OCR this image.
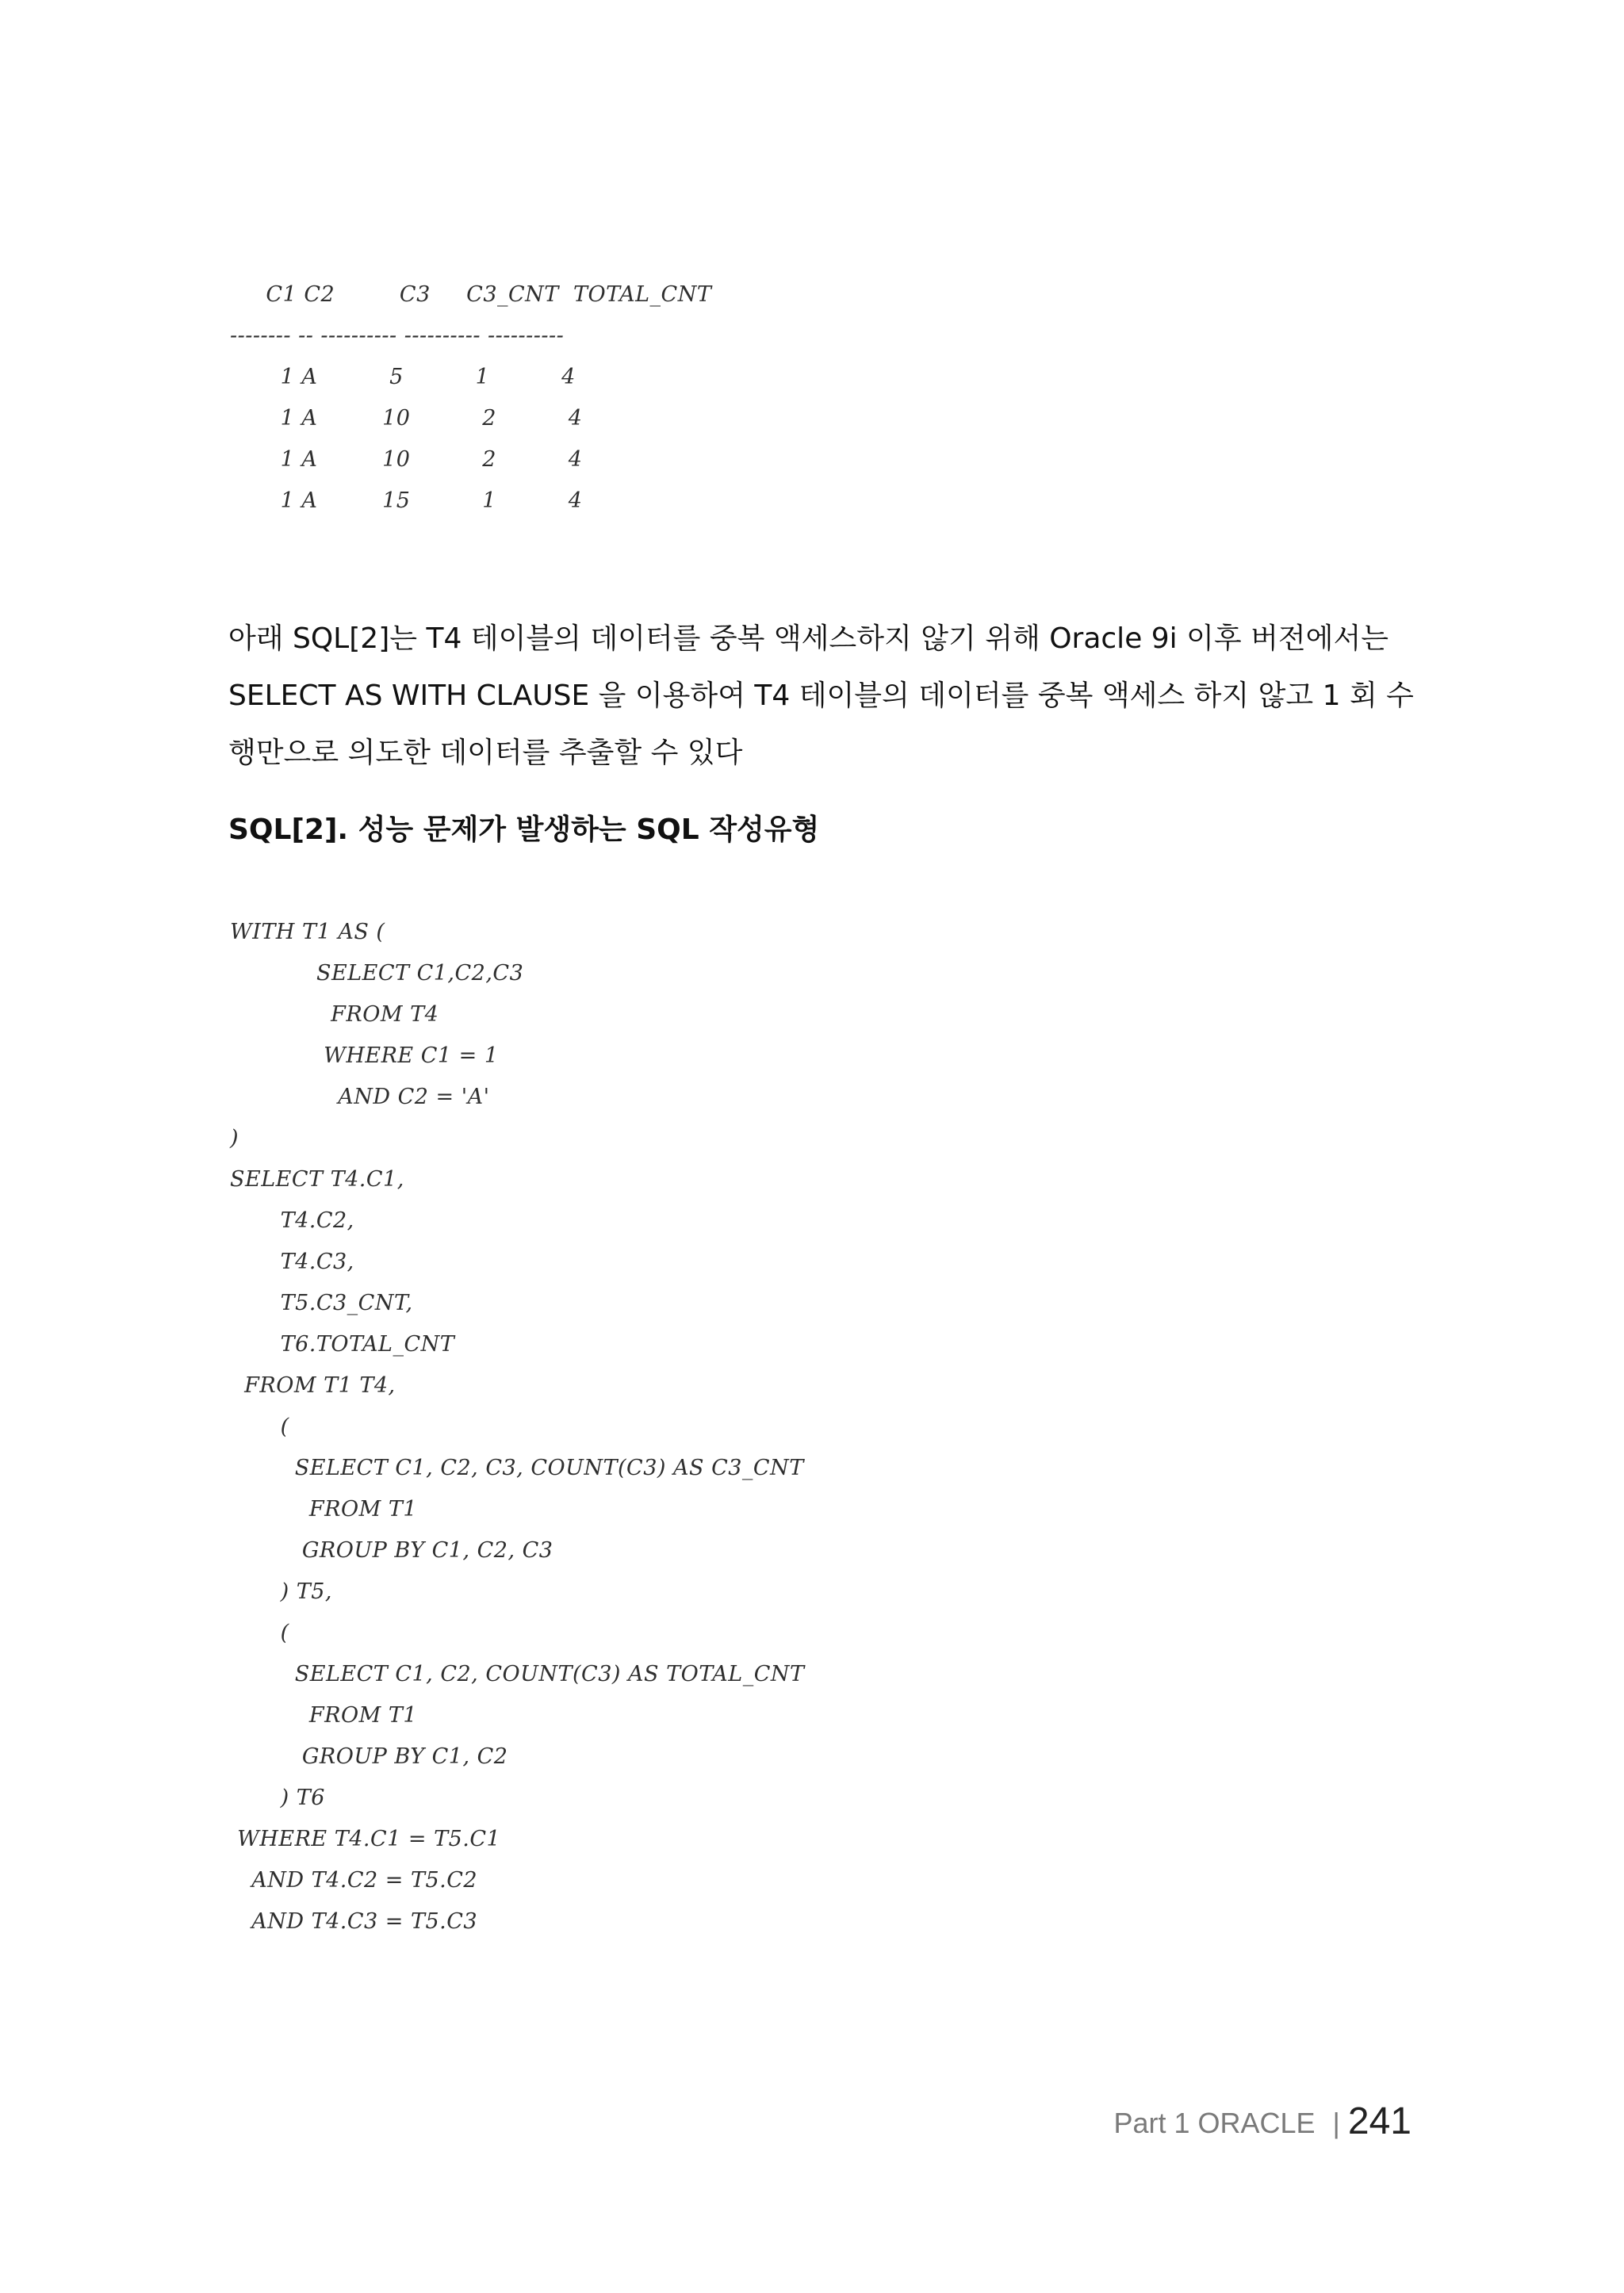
C1 C2         C3     C3_CNT  TOTAL_CNT
-------- -- ---------- ---------- ----------
1 A          5          1          4
1 A         10          2          4
1 A         10          2          4
1 A         15          1          4
아래 SQL[2]는 T4 테이블의 데이터를 중복 액세스하지 않기 위해 Oracle 9i 이후 버전에서는
SELECT AS WITH CLAUSE 을 이용하여 T4 테이블의 데이터를 중복 액세스 하지 않고 1 회 수
행만으로 의도한 데이터를 추출할 수 있다
SQL[2]. 성능 문제가 발생하는 SQL 작성유형
WITH T1 AS (
SELECT C1,C2,C3
FROM T4
WHERE C1 = 1
AND C2 = 'A'
)
SELECT T4.C1,
T4.C2,
T4.C3,
T5.C3_CNT,
T6.TOTAL_CNT
FROM T1 T4,
(
SELECT C1, C2, C3, COUNT(C3) AS C3_CNT
FROM T1
GROUP BY C1, C2, C3
) T5,
(
SELECT C1, C2, COUNT(C3) AS TOTAL_CNT
FROM T1
GROUP BY C1, C2
) T6
WHERE T4.C1 = T5.C1
AND T4.C2 = T5.C2
AND T4.C3 = T5.C3
Part 1 ORACLE | 241
